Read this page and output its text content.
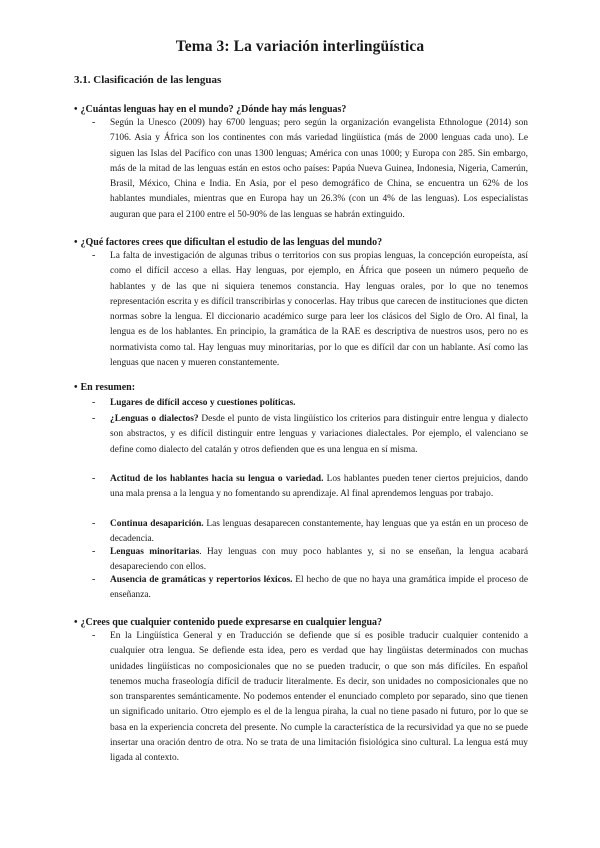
Tema 3: La variación interlingüística
3.1. Clasificación de las lenguas
• ¿Cuántas lenguas hay en el mundo? ¿Dónde hay más lenguas?
- Según la Unesco (2009) hay 6700 lenguas; pero según la organización evangelista Ethnologue (2014) son 7106. Asia y África son los continentes con más variedad lingüística (más de 2000 lenguas cada uno). Le siguen las Islas del Pacífico con unas 1300 lenguas; América con unas 1000; y Europa con 285. Sin embargo, más de la mitad de las lenguas están en estos ocho países: Papúa Nueva Guinea, Indonesia, Nigeria, Camerún, Brasil, México, China e India. En Asia, por el peso demográfico de China, se encuentra un 62% de los hablantes mundiales, mientras que en Europa hay un 26.3% (con un 4% de las lenguas). Los especialistas auguran que para el 2100 entre el 50-90% de las lenguas se habrán extinguido.
• ¿Qué factores crees que dificultan el estudio de las lenguas del mundo?
- La falta de investigación de algunas tribus o territorios con sus propias lenguas, la concepción europeísta, así como el difícil acceso a ellas. Hay lenguas, por ejemplo, en África que poseen un número pequeño de hablantes y de las que ni siquiera tenemos constancia. Hay lenguas orales, por lo que no tenemos representación escrita y es difícil transcribirlas y conocerlas. Hay tribus que carecen de instituciones que dicten normas sobre la lengua. El diccionario académico surge para leer los clásicos del Siglo de Oro. Al final, la lengua es de los hablantes. En principio, la gramática de la RAE es descriptiva de nuestros usos, pero no es normativista como tal. Hay lenguas muy minoritarias, por lo que es difícil dar con un hablante. Así como las lenguas que nacen y mueren constantemente.
• En resumen:
- Lugares de difícil acceso y cuestiones políticas.
- ¿Lenguas o dialectos? Desde el punto de vista lingüístico los criterios para distinguir entre lengua y dialecto son abstractos, y es difícil distinguir entre lenguas y variaciones dialectales. Por ejemplo, el valenciano se define como dialecto del catalán y otros defienden que es una lengua en sí misma.
- Actitud de los hablantes hacia su lengua o variedad. Los hablantes pueden tener ciertos prejuicios, dando una mala prensa a la lengua y no fomentando su aprendizaje. Al final aprendemos lenguas por trabajo.
- Continua desaparición. Las lenguas desaparecen constantemente, hay lenguas que ya están en un proceso de decadencia.
- Lenguas minoritarias. Hay lenguas con muy poco hablantes y, si no se enseñan, la lengua acabará desapareciendo con ellos.
- Ausencia de gramáticas y repertorios léxicos. El hecho de que no haya una gramática impide el proceso de enseñanza.
• ¿Crees que cualquier contenido puede expresarse en cualquier lengua?
- En la Lingüística General y en Traducción se defiende que sí es posible traducir cualquier contenido a cualquier otra lengua. Se defiende esta idea, pero es verdad que hay lingüistas determinados con muchas unidades lingüísticas no composicionales que no se pueden traducir, o que son más difíciles. En español tenemos mucha fraseología difícil de traducir literalmente. Es decir, son unidades no composicionales que no son transparentes semánticamente. No podemos entender el enunciado completo por separado, sino que tienen un significado unitario. Otro ejemplo es el de la lengua piraha, la cual no tiene pasado ni futuro, por lo que se basa en la experiencia concreta del presente. No cumple la característica de la recursividad ya que no se puede insertar una oración dentro de otra. No se trata de una limitación fisiológica sino cultural. La lengua está muy ligada al contexto.
